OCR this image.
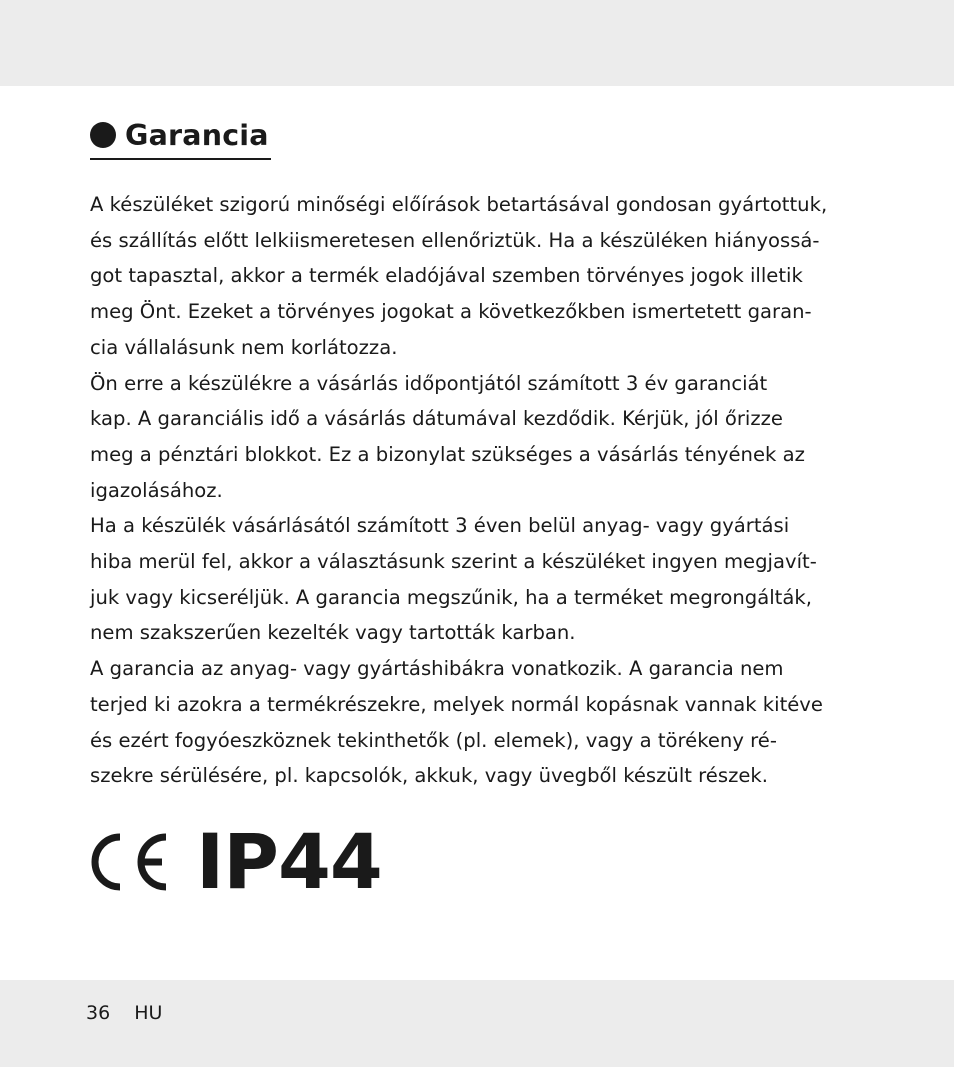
Garancia
A készüléket szigorú minőségi előírások betartásával gondosan gyártottuk,
és szállítás előtt lelkiismeretesen ellenőriztük. Ha a készüléken hiányossá-
got tapasztal, akkor a termék eladójával szemben törvényes jogok illetik
meg Önt. Ezeket a törvényes jogokat a következőkben ismertetett garan-
cia vállalásunk nem korlátozza.
Ön erre a készülékre a vásárlás időpontjától számított 3 év garanciát
kap. A garanciális idő a vásárlás dátumával kezdődik. Kérjük, jól őrizze
meg a pénztári blokkot. Ez a bizonylat szükséges a vásárlás tényének az
igazolásához.
Ha a készülék vásárlásától számított 3 éven belül anyag- vagy gyártási
hiba merül fel, akkor a választásunk szerint a készüléket ingyen megjavít-
juk vagy kicseréljük. A garancia megszűnik, ha a terméket megrongálták,
nem szakszerűen kezelték vagy tartották karban.
A garancia az anyag- vagy gyártáshibákra vonatkozik. A garancia nem
terjed ki azokra a termékrészekre, melyek normál kopásnak vannak kitéve
és ezért fogyóeszköznek tekinthetők (pl. elemek), vagy a törékeny ré-
szekre sérülésére, pl. kapcsolók, akkuk, vagy üvegből készült részek.
IP44
36 HU
